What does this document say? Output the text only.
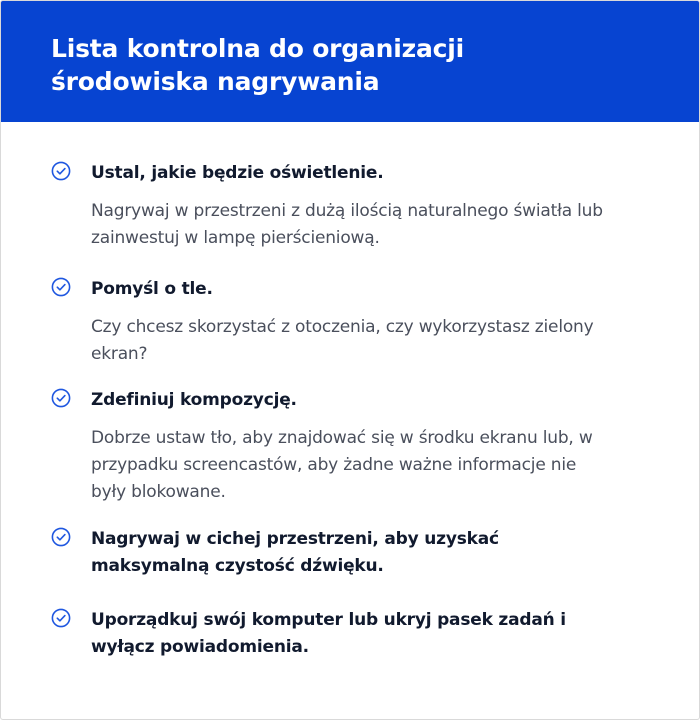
Lista kontrolna do organizacji środowiska nagrywania
Ustal, jakie będzie oświetlenie.
Nagrywaj w przestrzeni z dużą ilością naturalnego światła lub zainwestuj w lampę pierścieniową.
Pomyśl o tle.
Czy chcesz skorzystać z otoczenia, czy wykorzystasz zielony ekran?
Zdefiniuj kompozycję.
Dobrze ustaw tło, aby znajdować się w środku ekranu lub, w przypadku screencastów, aby żadne ważne informacje nie były blokowane.
Nagrywaj w cichej przestrzeni, aby uzyskać maksymalną czystość dźwięku.
Uporządkuj swój komputer lub ukryj pasek zadań i wyłącz powiadomienia.
